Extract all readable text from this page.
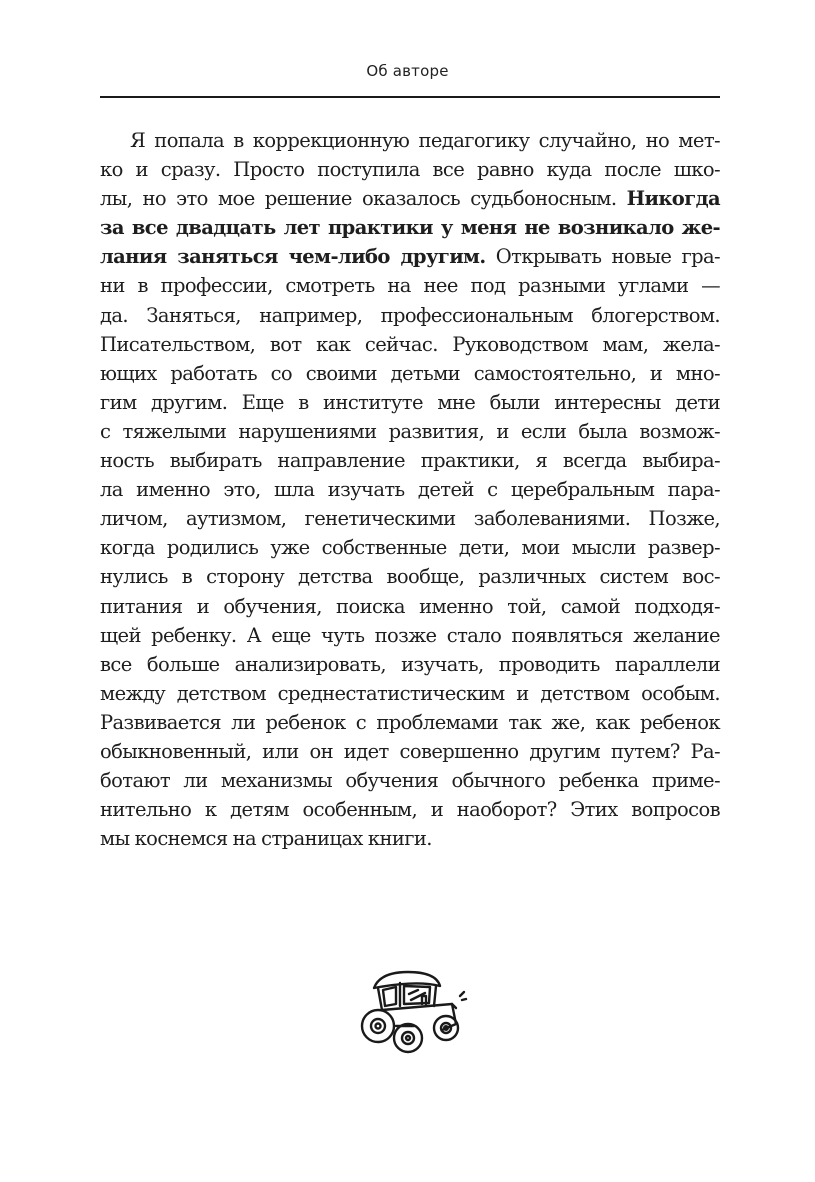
Об авторе
Я попала в коррекционную педагогику случайно, но мет-
ко и сразу. Просто поступила все равно куда после шко-
лы, но это мое решение оказалось судьбоносным. Никогда
за все двадцать лет практики у меня не возникало же-
лания заняться чем-либо другим. Открывать новые гра-
ни в профессии, смотреть на нее под разными углами —
да. Заняться, например, профессиональным блогерством.
Писательством, вот как сейчас. Руководством мам, жела-
ющих работать со своими детьми самостоятельно, и мно-
гим другим. Еще в институте мне были интересны дети
с тяжелыми нарушениями развития, и если была возмож-
ность выбирать направление практики, я всегда выбира-
ла именно это, шла изучать детей с церебральным пара-
личом, аутизмом, генетическими заболеваниями. Позже,
когда родились уже собственные дети, мои мысли развер-
нулись в сторону детства вообще, различных систем вос-
питания и обучения, поиска именно той, самой подходя-
щей ребенку. А еще чуть позже стало появляться желание
все больше анализировать, изучать, проводить параллели
между детством среднестатистическим и детством особым.
Развивается ли ребенок с проблемами так же, как ребенок
обыкновенный, или он идет совершенно другим путем? Ра-
ботают ли механизмы обучения обычного ребенка приме-
нительно к детям особенным, и наоборот? Этих вопросов
мы коснемся на страницах книги.
